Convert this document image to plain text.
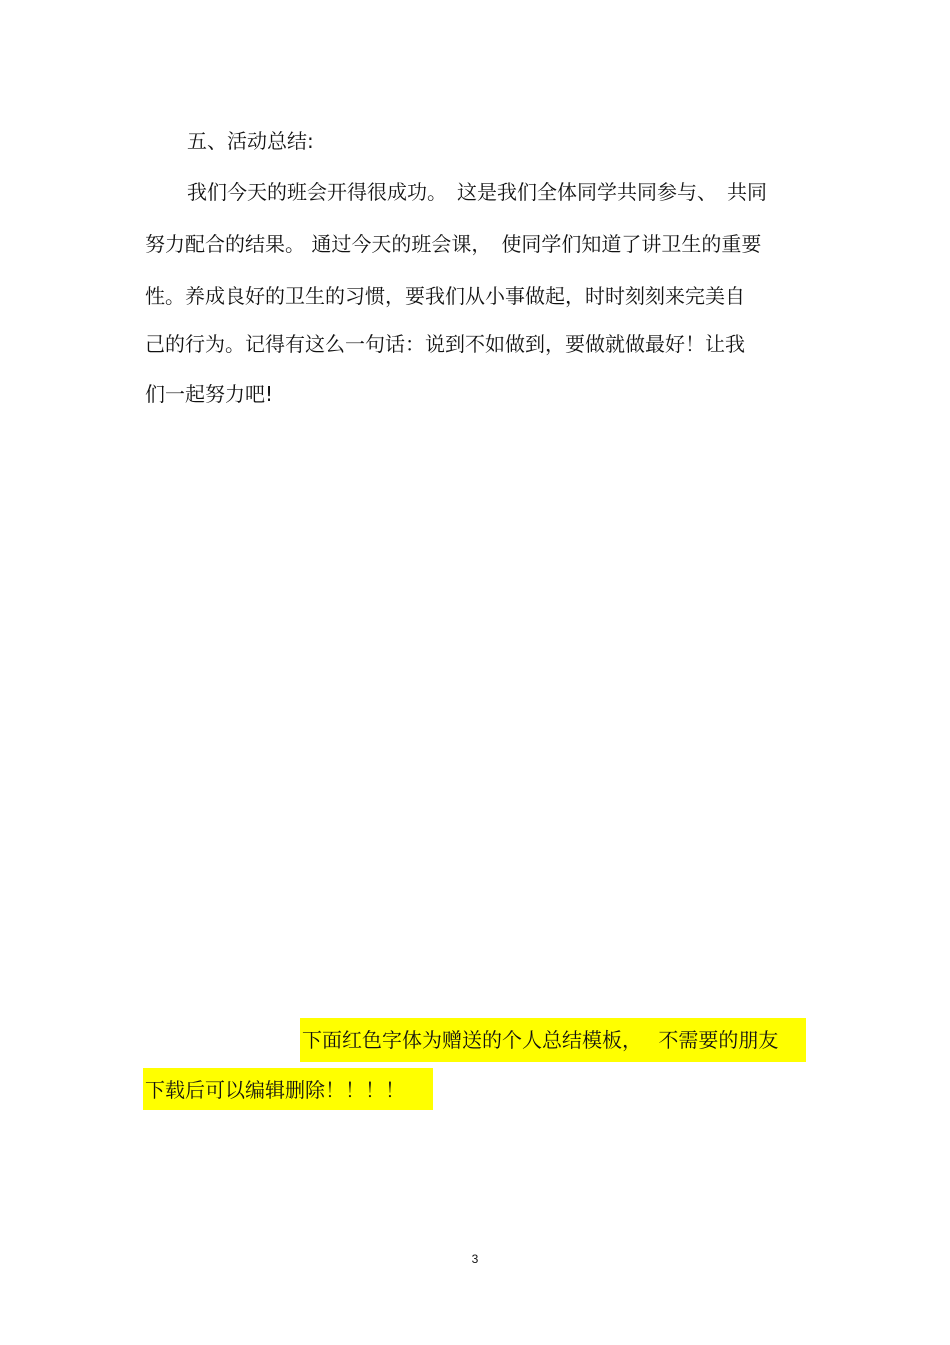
五、活动总结:
我们今天的班会开得很成功。　这是我们全体同学共同参与、　共同
努力配合的结果。 通过今天的班会课，　使同学们知道了讲卫生的重要
性。养成良好的卫生的习惯，要我们从小事做起，时时刻刻来完美自
己的行为。记得有这么一句话：说到不如做到，要做就做最好！让我
们一起努力吧!
下面红色字体为赠送的个人总结模板，　 不需要的朋友
下载后可以编辑删除！！！！
3
